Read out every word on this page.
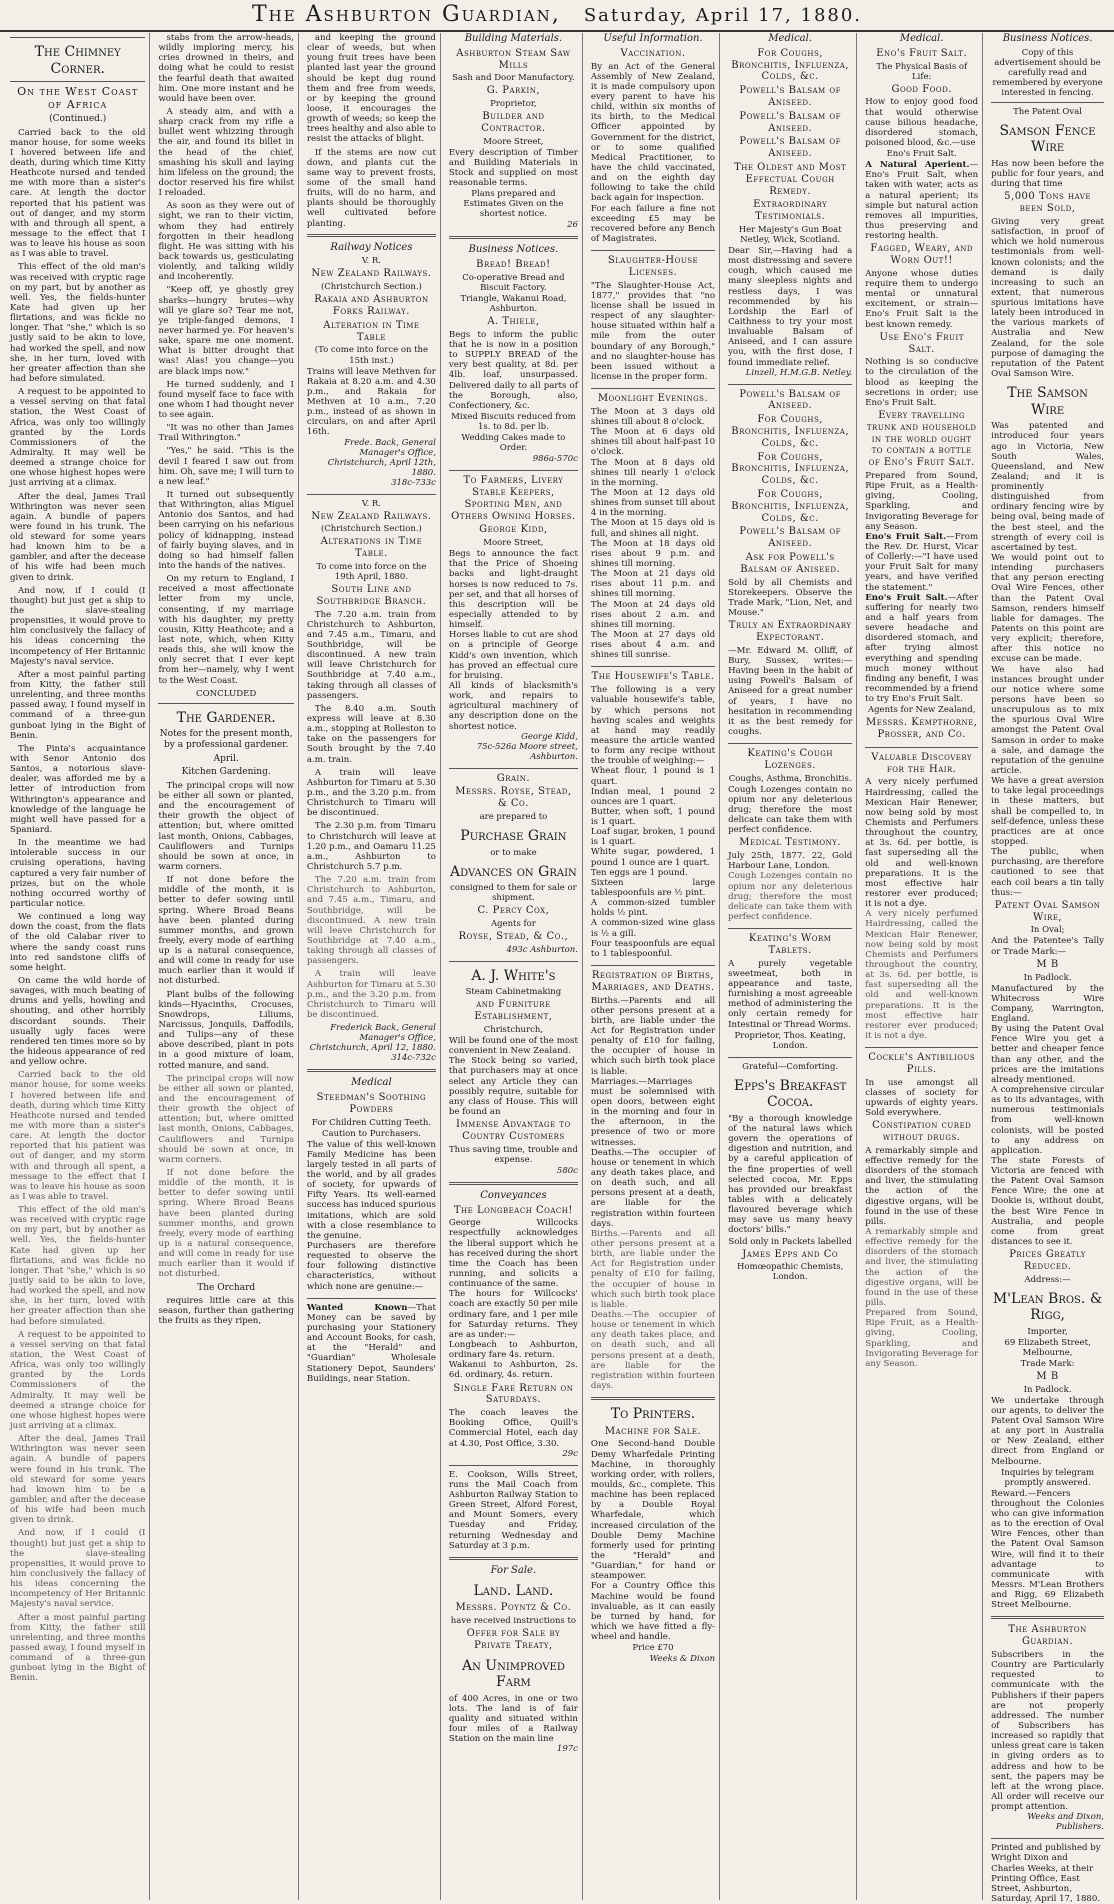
The Ashburton Guardian, Saturday, April 17, 1880.
The Chimney Corner.
On the West Coast of Africa
(Continued.)

Carried back to the old manor house, for some weeks I hovered between life and death, during which time Kitty Heathcote nursed and tended me with more than a sister's care. At length the doctor reported that his patient was out of danger, and my storm with and through all spent, a message to the effect that I was to leave his house as soon as I was able to travel.

This effect of the old man's was received with cryptic rage on my part, but by another as well. Yes, the fields-hunter Kate had given up her flirtations, and was fickle no longer. That "she," which is so justly said to be akin to love, had worked the spell, and now she, in her turn, loved with her greater affection than she had before simulated.

A request to be appointed to a vessel serving on that fatal station, the West Coast of Africa, was only too willingly granted by the Lords Commissioners of the Admiralty. It may well be deemed a strange choice for one whose highest hopes were just arriving at a climax.

After the deal, James Trail Withrington was never seen again. A bundle of papers were found in his trunk. The old steward for some years had known him to be a gambler, and after the decease of his wife had been much given to drink.

And now, if I could (I thought) but just get a ship to the slave-stealing propensities, it would prove to him conclusively the fallacy of his ideas concerning the incompetency of Her Britannic Majesty's naval service.

After a most painful parting from Kitty, the father still unrelenting, and three months passed away, I found myself in command of a three-gun gunboat lying in the Bight of Benin.

The Pinta's acquaintance with Senor Antonio dos Santos, a notorious slave-dealer, was afforded me by a letter of introduction from Withrington's appearance and knowledge of the language he might well have passed for a Spaniard.

In the meantime we had intolerable success in our cruising operations, having captured a very fair number of prizes, but on the whole nothing occurred worthy of particular notice.

We continued a long way down the coast, from the flats of the old Calabar river to where the sandy coast runs into red sandstone cliffs of some height.

On came the wild horde of savages, with much beating of drums and yells, howling and shouting, and other horribly discordant sounds. Their usually ugly faces were rendered ten times more so by the hideous appearance of red and yellow ochre.

Carried back to the old manor house, for some weeks I hovered between life and death, during which time Kitty Heathcote nursed and tended me with more than a sister's care. At length the doctor reported that his patient was out of danger, and my storm with and through all spent, a message to the effect that I was to leave his house as soon as I was able to travel.

This effect of the old man's was received with cryptic rage on my part, but by another as well. Yes, the fields-hunter Kate had given up her flirtations, and was fickle no longer. That "she," which is so justly said to be akin to love, had worked the spell, and now she, in her turn, loved with her greater affection than she had before simulated.

A request to be appointed to a vessel serving on that fatal station, the West Coast of Africa, was only too willingly granted by the Lords Commissioners of the Admiralty. It may well be deemed a strange choice for one whose highest hopes were just arriving at a climax.

After the deal, James Trail Withrington was never seen again. A bundle of papers were found in his trunk. The old steward for some years had known him to be a gambler, and after the decease of his wife had been much given to drink.

And now, if I could (I thought) but just get a ship to the slave-stealing propensities, it would prove to him conclusively the fallacy of his ideas concerning the incompetency of Her Britannic Majesty's naval service.

After a most painful parting from Kitty, the father still unrelenting, and three months passed away, I found myself in command of a three-gun gunboat lying in the Bight of Benin.

stabs from the arrow-heads, wildly imploring mercy, his cries drowned in theirs, and doing what he could to resist the fearful death that awaited him. One more instant and he would have been over.

A steady aim, and with a sharp crack from my rifle a bullet went whizzing through the air, and found its billet in the head of the chief, smashing his skull and laying him lifeless on the ground; the doctor reserved his fire whilst I reloaded.

As soon as they were out of sight, we ran to their victim, whom they had entirely forgotten in their headlong flight. He was sitting with his back towards us, gesticulating violently, and talking wildly and incoherently.

"Keep off, ye ghostly grey sharks—hungry brutes—why will ye glare so? Tear me not, ye triple-fanged demons, I never harmed ye. For heaven's sake, spare me one moment. What is bitter drought that was! Alas! you change—you are black imps now."

He turned suddenly, and I found myself face to face with one whom I had thought never to see again.

"It was no other than James Trail Withrington."

"Yes," he said. "This is the devil I feared I saw out from him. Oh, save me; I will turn to a new leaf."

It turned out subsequently that Withrington, alias Miguel Antonio dos Santos, and had been carrying on his nefarious policy of kidnapping, instead of fairly buying slaves, and in doing so had himself fallen into the hands of the natives.

On my return to England, I received a most affectionate letter from my uncle, consenting, if my marriage with his daughter, my pretty cousin, Kitty Heathcote; and a last note, which, when Kitty reads this, she will know the only secret that I ever kept from her—namely, why I went to the West Coast.

CONCLUDED
The Gardener.
Notes for the present month, by a professional gardener.
April.
Kitchen Gardening.

The principal crops will now be either all sown or planted, and the encouragement of their growth the object of attention; but, where omitted last month, Onions, Cabbages, Cauliflowers and Turnips should be sown at once, in warm corners.

If not done before the middle of the month, it is better to defer sowing until spring. Where Broad Beans have been planted during summer months, and grown freely, every mode of earthing up is a natural consequence, and will come in ready for use much earlier than it would if not disturbed.

Plant bulbs of the following kinds—Hyacinths, Crocuses, Snowdrops, Liliums, Narcissus, Jonquils, Daffodils, and Tulips—any of these above described, plant in pots in a good mixture of loam, rotted manure, and sand.

The principal crops will now be either all sown or planted, and the encouragement of their growth the object of attention; but, where omitted last month, Onions, Cabbages, Cauliflowers and Turnips should be sown at once, in warm corners.

If not done before the middle of the month, it is better to defer sowing until spring. Where Broad Beans have been planted during summer months, and grown freely, every mode of earthing up is a natural consequence, and will come in ready for use much earlier than it would if not disturbed.

The Orchard

requires little care at this season, further than gathering the fruits as they ripen,

and keeping the ground clear of weeds, but when young fruit trees have been planted last year the ground should be kept dug round them and free from weeds, or by keeping the ground loose, it encourages the growth of weeds; so keep the trees healthy and also able to resist the attacks of blight.

If the stems are now cut down, and plants cut the same way to prevent frosts, some of the small hand fruits, will do no harm, and plants should be thoroughly well cultivated before planting.

Railway Notices
V. R.
New Zealand Railways.
(Christchurch Section.)
Rakaia and Ashburton Forks Railway.
Alteration in Time Table
(To come into force on the 15th inst.)
Trains will leave Methven for Rakaia at 8.20 a.m. and 4.30 p.m., and Rakaia for Methven at 10 a.m., 7.20 p.m., instead of as shown in circulars, on and after April 16th.
Frede. Back, General Manager's Office, Christchurch, April 12th, 1880.
318c-733c
V. R.
New Zealand Railways.
(Christchurch Section.)
Alterations in Time Table.
To come into force on the 19th April, 1880.
South Line and Southbridge Branch.

The 7.20 a.m. train from Christchurch to Ashburton, and 7.45 a.m., Timaru, and Southbridge, will be discontinued. A new train will leave Christchurch for Southbridge at 7.40 a.m., taking through all classes of passengers.

The 8.40 a.m. South express will leave at 8.30 a.m., stopping at Rolleston to take on the passengers for South brought by the 7.40 a.m. train.

A train will leave Ashburton for Timaru at 5.30 p.m., and the 3.20 p.m. from Christchurch to Timaru will be discontinued.

The 2.30 p.m. from Timaru to Christchurch will leave at 1.20 p.m., and Oamaru 11.25 a.m., Ashburton to Christchurch 5.7 p.m.

The 7.20 a.m. train from Christchurch to Ashburton, and 7.45 a.m., Timaru, and Southbridge, will be discontinued. A new train will leave Christchurch for Southbridge at 7.40 a.m., taking through all classes of passengers.

A train will leave Ashburton for Timaru at 5.30 p.m., and the 3.20 p.m. from Christchurch to Timaru will be discontinued.

Frederick Back, General Manager's Office, Christchurch, April 12, 1880.
314c-732c
Medical
Steedman's Soothing Powders
For Children Cutting Teeth.
Caution to Purchasers.
The value of this well-known Family Medicine has been largely tested in all parts of the world, and by all grades of society, for upwards of Fifty Years. Its well-earned success has induced spurious imitations, which are sold with a close resemblance to the genuine.
Purchasers are therefore requested to observe the four following distinctive characteristics, without which none are genuine:—
Wanted Known—That Money can be saved by purchasing your Stationery and Account Books, for cash, at the "Herald" and "Guardian" Wholesale Stationery Depot, Saunders' Buildings, near Station.
Building Materials.
Ashburton Steam Saw Mills
Sash and Door Manufactory.
G. Parkin,
Proprietor,
Builder and Contractor.
Moore Street,
Every description of Timber and Building Materials in Stock and supplied on most reasonable terms.
Plans prepared and Estimates Given on the shortest notice.
26
Business Notices.
Bread! Bread!
Co-operative Bread and Biscuit Factory.
Triangle, Wakanui Road, Ashburton.
A. Thiele,
Begs to inform the public that he is now in a position to SUPPLY BREAD of the very best quality, at 8d. per 4lb. loaf, unsurpassed. Delivered daily to all parts of the Borough, also, Confectionery, &c.
Mixed Biscuits reduced from 1s. to 8d. per lb.
Wedding Cakes made to Order.
986a-570c
To Farmers, Livery Stable Keepers, Sporting Men, and Others Owning Horses.
George Kidd,
Moore Street,
Begs to announce the fact that the Price of Shoeing backs and light-draught horses is now reduced to 7s. per set, and that all horses of this description will be especially attended to by himself.
Horses liable to cut are shod on a principle of George Kidd's own invention, which has proved an effectual cure for bruising.
All kinds of blacksmith's work, and repairs to agricultural machinery of any description done on the shortest notice.
George Kidd,
75c-526a Moore street, Ashburton.
Grain.
Messrs. Royse, Stead, & Co.
are prepared to
Purchase Grain
or to make
Advances on Grain
consigned to them for sale or shipment.
C. Percy Cox,
Agents for
Royse, Stead, & Co.,
493c Ashburton.
A. J. White's
Steam Cabinetmaking
and Furniture Establishment,
Christchurch,
Will be found one of the most convenient in New Zealand.
The Stock being so varied, that purchasers may at once select any Article they can possibly require, suitable for any class of House. This will be found an
Immense Advantage to Country Customers
Thus saving time, trouble and expense.
580c
Conveyances
The Longbeach Coach!
George Willcocks respectfully acknowledges the liberal support which he has received during the short time the Coach has been running, and solicits a continuance of the same.
The hours for Willcocks' coach are exactly 50 per mile ordinary fare, and 1 per mile for Saturday returns. They are as under:—
Longbeach to Ashburton, ordinary fare 4s. return.
Wakanui to Ashburton, 2s. 6d. ordinary, 4s. return.
Single Fare Return on Saturdays.
The coach leaves the Booking Office, Quill's Commercial Hotel, each day at 4.30, Post Office, 3.30.
29c
E. Cookson, Wills Street, runs the Mail Coach from Ashburton Railway Station to Green Street, Alford Forest, and Mount Somers, every Tuesday and Friday, returning Wednesday and Saturday at 3 p.m.
For Sale.
Land. Land.
Messrs. Poyntz & Co.
have received instructions to
Offer for Sale by Private Treaty,
An Unimproved Farm
of 400 Acres, in one or two lots. The land is of fair quality and situated within four miles of a Railway Station on the main line
197c
Useful Information.
Vaccination.
By an Act of the General Assembly of New Zealand, it is made compulsory upon every parent to have his child, within six months of its birth, to the Medical Officer appointed by Government for the district, or to some qualified Medical Practitioner, to have the child vaccinated, and on the eighth day following to take the child back again for inspection.
For each failure a fine not exceeding £5 may be recovered before any Bench of Magistrates.
Slaughter-House Licenses.
"The Slaughter-House Act, 1877," provides that "no license shall be issued in respect of any slaughter-house situated within half a mile from the outer boundary of any Borough," and no slaughter-house has been issued without a license in the proper form.
Moonlight Evenings.
The Moon at 3 days old shines till about 8 o'clock.
The Moon at 6 days old shines till about half-past 10 o'clock.
The Moon at 8 days old shines till nearly 1 o'clock in the morning.
The Moon at 12 days old shines from sunset till about 4 in the morning.
The Moon at 15 days old is full, and shines all night.
The Moon at 18 days old rises about 9 p.m. and shines till morning.
The Moon at 21 days old rises about 11 p.m. and shines till morning.
The Moon at 24 days old rises about 2 a.m. and shines till morning.
The Moon at 27 days old rises about 4 a.m. and shines till sunrise.
The Housewife's Table.
The following is a very valuable housewife's table, by which persons not having scales and weights at hand may readily measure the article wanted to form any recipe without the trouble of weighing:—
Wheat flour, 1 pound is 1 quart.
Indian meal, 1 pound 2 ounces are 1 quart.
Butter, when soft, 1 pound is 1 quart.
Loaf sugar, broken, 1 pound is 1 quart.
White sugar, powdered, 1 pound 1 ounce are 1 quart.
Ten eggs are 1 pound.
Sixteen large tablespoonfuls are ½ pint.
A common-sized tumbler holds ½ pint.
A common-sized wine glass is ½ a gill.
Four teaspoonfuls are equal to 1 tablespoonful.
Registration of Births, Marriages, and Deaths.
Births.—Parents and all other persons present at a birth, are liable under the Act for Registration under penalty of £10 for failing, the occupier of house in which such birth took place is liable.
Marriages.—Marriages must be solemnised with open doors, between eight in the morning and four in the afternoon, in the presence of two or more witnesses.
Deaths.—The occupier of house or tenement in which any death takes place, and on death such, and all persons present at a death, are liable for the registration within fourteen days.
Births.—Parents and all other persons present at a birth, are liable under the Act for Registration under penalty of £10 for failing, the occupier of house in which such birth took place is liable.
Deaths.—The occupier of house or tenement in which any death takes place, and on death such, and all persons present at a death, are liable for the registration within fourteen days.
To Printers.
Machine for Sale.
One Second-hand Double Demy Wharfedale Printing Machine, in thoroughly working order, with rollers, moulds, &c., complete. This machine has been replaced by a Double Royal Wharfedale, which increased circulation of the Double Demy Machine formerly used for printing the "Herald" and "Guardian," for hand or steampower.
For a Country Office this Machine would be found invaluable, as it can easily be turned by hand, for which we have fitted a fly-wheel and handle.
Price £70
Weeks & Dixon
Medical.
For Coughs, Bronchitis, Influenza, Colds, &c.
Powell's Balsam of Aniseed.
Powell's Balsam of Aniseed.
Powell's Balsam of Aniseed.
The Oldest and Most Effectual Cough Remedy.
Extraordinary Testimonials.
Her Majesty's Gun Boat Netley, Wick, Scotland.
Dear Sir,—Having had a most distressing and severe cough, which caused me many sleepless nights and restless days, I was recommended by his Lordship the Earl of Caithness to try your most invaluable Balsam of Aniseed, and I can assure you, with the first dose, I found immediate relief.
Linzell, H.M.G.B. Netley.
Powell's Balsam of Aniseed.
For Coughs, Bronchitis, Influenza, Colds, &c.
For Coughs, Bronchitis, Influenza, Colds, &c.
For Coughs, Bronchitis, Influenza, Colds, &c.
Powell's Balsam of Aniseed.
Ask for Powell's Balsam of Aniseed.
Sold by all Chemists and Storekeepers. Observe the Trade Mark, "Lion, Net, and Mouse."
Truly an Extraordinary Expectorant.
—Mr. Edward M. Olliff, of Bury, Sussex, writes:—Having been in the habit of using Powell's Balsam of Aniseed for a great number of years, I have no hesitation in recommending it as the best remedy for coughs.
Keating's Cough Lozenges.
Coughs, Asthma, Bronchitis.
Cough Lozenges contain no opium nor any deleterious drug; therefore the most delicate can take them with perfect confidence.
Medical Testimony.
July 25th, 1877. 22, Gold Harbour Lane, London.
Cough Lozenges contain no opium nor any deleterious drug; therefore the most delicate can take them with perfect confidence.
Keating's Worm Tablets.
A purely vegetable sweetmeat, both in appearance and taste, furnishing a most agreeable method of administering the only certain remedy for Intestinal or Thread Worms.
Proprietor, Thos. Keating, London.
Grateful—Comforting.
Epps's Breakfast Cocoa.
"By a thorough knowledge of the natural laws which govern the operations of digestion and nutrition, and by a careful application of the fine properties of well selected cocoa, Mr. Epps has provided our breakfast tables with a delicately flavoured beverage which may save us many heavy doctors' bills."
Sold only in Packets labelled
James Epps and Co
Homœopathic Chemists, London.
Medical.
Eno's Fruit Salt.
The Physical Basis of Life:
Good Food.
How to enjoy good food that would otherwise cause bilious headache, disordered stomach, poisoned blood, &c.—use
Eno's Fruit Salt.
A Natural Aperient.—Eno's Fruit Salt, when taken with water, acts as a natural aperient; its simple but natural action removes all impurities, thus preserving and restoring health.
Fagged, Weary, and Worn Out!!
Anyone whose duties require them to undergo mental or unnatural excitement, or strain—Eno's Fruit Salt is the best known remedy.
Use Eno's Fruit Salt.
Nothing is so conducive to the circulation of the blood as keeping the secretions in order; use Eno's Fruit Salt.
Every travelling trunk and household in the world ought to contain a bottle of Eno's Fruit Salt.
Prepared from Sound, Ripe Fruit, as a Health-giving, Cooling, Sparkling, and Invigorating Beverage for any Season.
Eno's Fruit Salt.—From the Rev. Dr. Hurst, Vicar of Collerly:—"I have used your Fruit Salt for many years, and have verified the statement."
Eno's Fruit Salt.—After suffering for nearly two and a half years from severe headache and disordered stomach, and after trying almost everything and spending much money without finding any benefit, I was recommended by a friend to try Eno's Fruit Salt.
Agents for New Zealand,
Messrs. Kempthorne, Prosser, and Co.
Valuable Discovery for the Hair.
A very nicely perfumed Hairdressing, called the Mexican Hair Renewer, now being sold by most Chemists and Perfumers throughout the country, at 3s. 6d. per bottle, is fast superseding all the old and well-known preparations. It is the most effective hair restorer ever produced; it is not a dye.
A very nicely perfumed Hairdressing, called the Mexican Hair Renewer, now being sold by most Chemists and Perfumers throughout the country, at 3s. 6d. per bottle, is fast superseding all the old and well-known preparations. It is the most effective hair restorer ever produced; it is not a dye.
Cockle's Antibilious Pills.
In use amongst all classes of society for upwards of eighty years. Sold everywhere.
Constipation cured without drugs.
A remarkably simple and effective remedy for the disorders of the stomach and liver, the stimulating the action of the digestive organs, will be found in the use of these pills.
A remarkably simple and effective remedy for the disorders of the stomach and liver, the stimulating the action of the digestive organs, will be found in the use of these pills.
Prepared from Sound, Ripe Fruit, as a Health-giving, Cooling, Sparkling, and Invigorating Beverage for any Season.
Business Notices.
Copy of this advertisement should be carefully read and remembered by everyone interested in fencing.
The Patent Oval
Samson Fence Wire
Has now been before the public for four years, and during that time
5,000 Tons have been Sold,
Giving very great satisfaction, in proof of which we hold numerous testimonials from well-known colonists; and the demand is daily increasing to such an extent, that numerous spurious imitations have lately been introduced in the various markets of Australia and New Zealand, for the sole purpose of damaging the reputation of the Patent Oval Samson Wire.
The Samson Wire
Was patented and introduced four years ago in Victoria, New South Wales, Queensland, and New Zealand; and it is prominently distinguished from ordinary fencing wire by being oval, being made of the best steel, and the strength of every coil is ascertained by test.
We would point out to intending purchasers that any person erecting Oval Wire Fences, other than the Patent Oval Samson, renders himself liable for damages. The Patents on this point are very explicit; therefore, after this notice no excuse can be made.
We have also had instances brought under our notice where some persons have been so unscrupulous as to mix the spurious Oval Wire amongst the Patent Oval Samson in order to make a sale, and damage the reputation of the genuine article.
We have a great aversion to take legal proceedings in these matters, but shall be compelled to, in self-defence, unless these practices are at once stopped.
The public, when purchasing, are therefore cautioned to see that each coil bears a tin tally thus:—
Patent Oval Samson Wire,
In Oval;
And the Patentee's Tally or Trade Mark:—
M B
In Padlock.
Manufactured by the Whitecross Wire Company, Warrington, England.
By using the Patent Oval Fence Wire you get a better and cheaper fence than any other, and the prices are the imitations already mentioned.
A comprehensive circular as to its advantages, with numerous testimonials from well-known colonists, will be posted to any address on application.
The state Forests of Victoria are fenced with the Patent Oval Samson Fence Wire; the one at Dookie is, without doubt, the best Wire Fence in Australia, and people come from great distances to see it.
Prices Greatly Reduced.
Address:—
M'Lean Bros. & Rigg,
Importer,
69 Elizabeth Street, Melbourne,
Trade Mark:
M B
In Padlock.
We undertake through our agents, to deliver the Patent Oval Samson Wire at any port in Australia or New Zealand, either direct from England or Melbourne.
Inquiries by telegram promptly answered.
Reward.—Fencers throughout the Colonies who can give information as to the erection of Oval Wire Fences, other than the Patent Oval Samson Wire, will find it to their advantage to communicate with Messrs. M'Lean Brothers and Rigg, 69 Elizabeth Street Melbourne.
The Ashburton Guardian.
Subscribers in the Country are Particularly requested to communicate with the Publishers if their papers are not properly addressed. The number of Subscribers has increased so rapidly that unless great care is taken in giving orders as to address and how to be sent, the papers may be left at the wrong place. All order will receive our prompt attention.
Weeks and Dixon,
Publishers.
Printed and published by Wright Dixon and Charles Weeks, at their Printing Office, East Street, Ashburton, Saturday, April 17, 1880.
